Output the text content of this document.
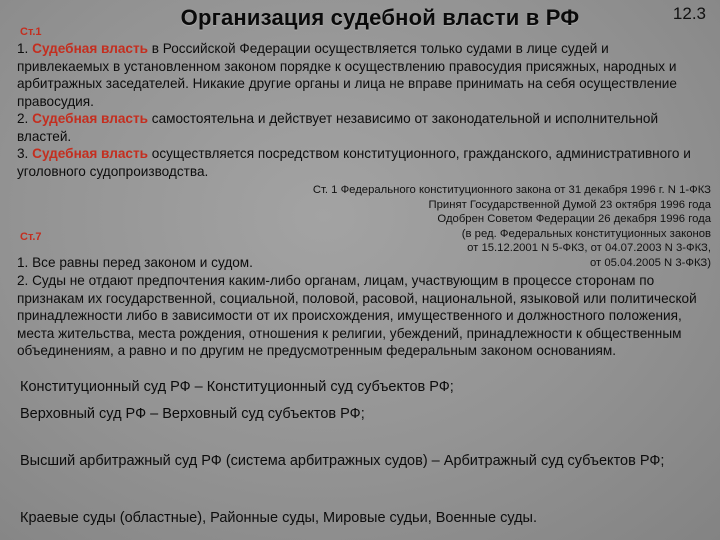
Организация судебной власти в РФ	12.3
Ст.1
1. Судебная власть в Российской Федерации осуществляется только судами в лице судей и привлекаемых в установленном законом порядке к осуществлению правосудия присяжных, народных и арбитражных заседателей. Никакие другие органы и лица не вправе принимать на себя осуществление правосудия.
2. Судебная власть самостоятельна и действует независимо от законодательной и исполнительной властей.
3. Судебная власть осуществляется посредством конституционного, гражданского, административного и уголовного судопроизводства.
Ст. 1 Федерального конституционного закона от 31 декабря 1996 г. N 1-ФКЗ
Принят Государственной Думой 23 октября 1996 года
Одобрен Советом Федерации 26 декабря 1996 года
(в ред. Федеральных конституционных законов
от 15.12.2001 N 5-ФКЗ, от 04.07.2003 N 3-ФКЗ,
от 05.04.2005 N 3-ФКЗ)
Ст.7
1. Все равны перед законом и судом.
2. Суды не отдают предпочтения каким-либо органам, лицам, участвующим в процессе сторонам по признакам их государственной, социальной, половой, расовой, национальной, языковой или политической принадлежности либо в зависимости от их происхождения, имущественного и должностного положения, места жительства, места рождения, отношения к религии, убеждений, принадлежности к общественным объединениям, а равно и по другим не предусмотренным федеральным законом основаниям.
Конституционный суд РФ – Конституционный суд субъектов РФ;
Верховный суд РФ – Верховный суд субъектов РФ;
Высший арбитражный суд РФ (система арбитражных судов) – Арбитражный суд субъектов РФ;
Краевые суды (областные), Районные суды, Мировые судьи, Военные суды.
